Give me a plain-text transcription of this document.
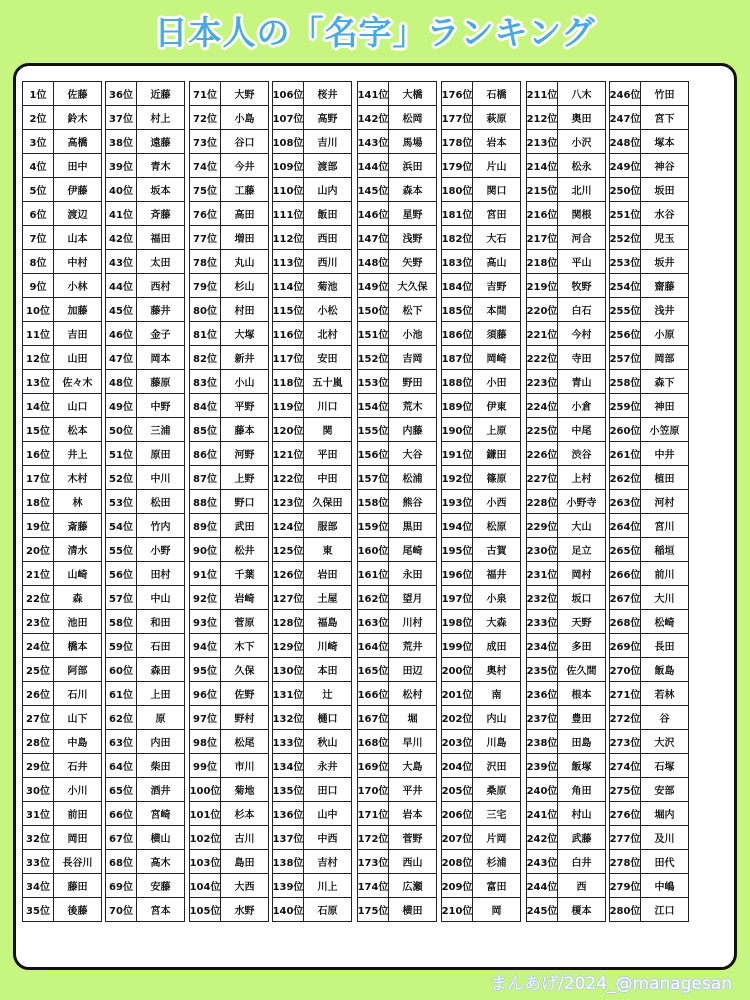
日本人の「名字」ランキング
1位	佐藤
2位	鈴木
3位	高橋
4位	田中
5位	伊藤
6位	渡辺
7位	山本
8位	中村
9位	小林
10位	加藤
11位	吉田
12位	山田
13位	佐々木
14位	山口
15位	松本
16位	井上
17位	木村
18位	林
19位	斎藤
20位	清水
21位	山崎
22位	森
23位	池田
24位	橋本
25位	阿部
26位	石川
27位	山下
28位	中島
29位	石井
30位	小川
31位	前田
32位	岡田
33位	長谷川
34位	藤田
35位	後藤
36位	近藤
37位	村上
38位	遠藤
39位	青木
40位	坂本
41位	斉藤
42位	福田
43位	太田
44位	西村
45位	藤井
46位	金子
47位	岡本
48位	藤原
49位	中野
50位	三浦
51位	原田
52位	中川
53位	松田
54位	竹内
55位	小野
56位	田村
57位	中山
58位	和田
59位	石田
60位	森田
61位	上田
62位	原
63位	内田
64位	柴田
65位	酒井
66位	宮崎
67位	横山
68位	高木
69位	安藤
70位	宮本
71位	大野
72位	小島
73位	谷口
74位	今井
75位	工藤
76位	高田
77位	増田
78位	丸山
79位	杉山
80位	村田
81位	大塚
82位	新井
83位	小山
84位	平野
85位	藤本
86位	河野
87位	上野
88位	野口
89位	武田
90位	松井
91位	千葉
92位	岩崎
93位	菅原
94位	木下
95位	久保
96位	佐野
97位	野村
98位	松尾
99位	市川
100位	菊地
101位	杉本
102位	古川
103位	島田
104位	大西
105位	水野
106位	桜井
107位	高野
108位	吉川
109位	渡部
110位	山内
111位	飯田
112位	西田
113位	西川
114位	菊池
115位	小松
116位	北村
117位	安田
118位 五十嵐
119位	川口
120位	関
121位	平田
122位	中田
123位 久保田
124位	服部
125位	東
126位	岩田
127位	土屋
128位	福島
129位	川崎
130位	本田
131位	辻
132位	樋口
133位	秋山
134位	永井
135位	田口
136位	山中
137位	中西
138位	吉村
139位	川上
140位	石原
141位	大橋
142位	松岡
143位	馬場
144位	浜田
145位	森本
146位	星野
147位	浅野
148位	矢野
149位 大久保
150位	松下
151位	小池
152位	吉岡
153位	野田
154位	荒木
155位	内藤
156位	大谷
157位	松浦
158位	熊谷
159位	黒田
160位	尾崎
161位	永田
162位	望月
163位	川村
164位	荒井
165位	田辺
166位	松村
167位	堀
168位	早川
169位	大島
170位	平井
171位	岩本
172位	菅野
173位	西山
174位	広瀬
175位	横田
176位	石橋
177位	萩原
178位	岩本
179位	片山
180位	関口
181位	宮田
182位	大石
183位	高山
184位	吉野
185位	本間
186位	須藤
187位	岡崎
188位	小田
189位	伊東
190位	上原
191位	鎌田
192位	篠原
193位	小西
194位	松原
195位	古賀
196位	福井
197位	小泉
198位	大森
199位	成田
200位	奥村
201位	南
202位	内山
203位	川島
204位	沢田
205位	桑原
206位	三宅
207位	片岡
208位	杉浦
209位	富田
210位	岡
211位	八木
212位	奥田
213位	小沢
214位	松永
215位	北川
216位	関根
217位	河合
218位	平山
219位	牧野
220位	白石
221位	今村
222位	寺田
223位	青山
224位	小倉
225位	中尾
226位	渋谷
227位	上村
228位 小野寺
229位	大山
230位	足立
231位	岡村
232位	坂口
233位	天野
234位	多田
235位 佐久間
236位	根本
237位	豊田
238位	田島
239位	飯塚
240位	角田
241位	村山
242位	武藤
243位	白井
244位	西
245位	榎本
246位	竹田
247位	宮下
248位	塚本
249位	神谷
250位	坂田
251位	水谷
252位	児玉
253位	坂井
254位	齋藤
255位	浅井
256位	小原
257位	岡部
258位	森下
259位	神田
260位 小笠原
261位	中井
262位	植田
263位	河村
264位	宮川
265位	稲垣
266位	前川
267位	大川
268位	松崎
269位	長田
270位	飯島
271位	若林
272位	谷
273位	大沢
274位	石塚
275位	安部
276位	堀内
277位	及川
278位	田代
279位	中嶋
280位	江口
まんあげ/2024_@managesan
